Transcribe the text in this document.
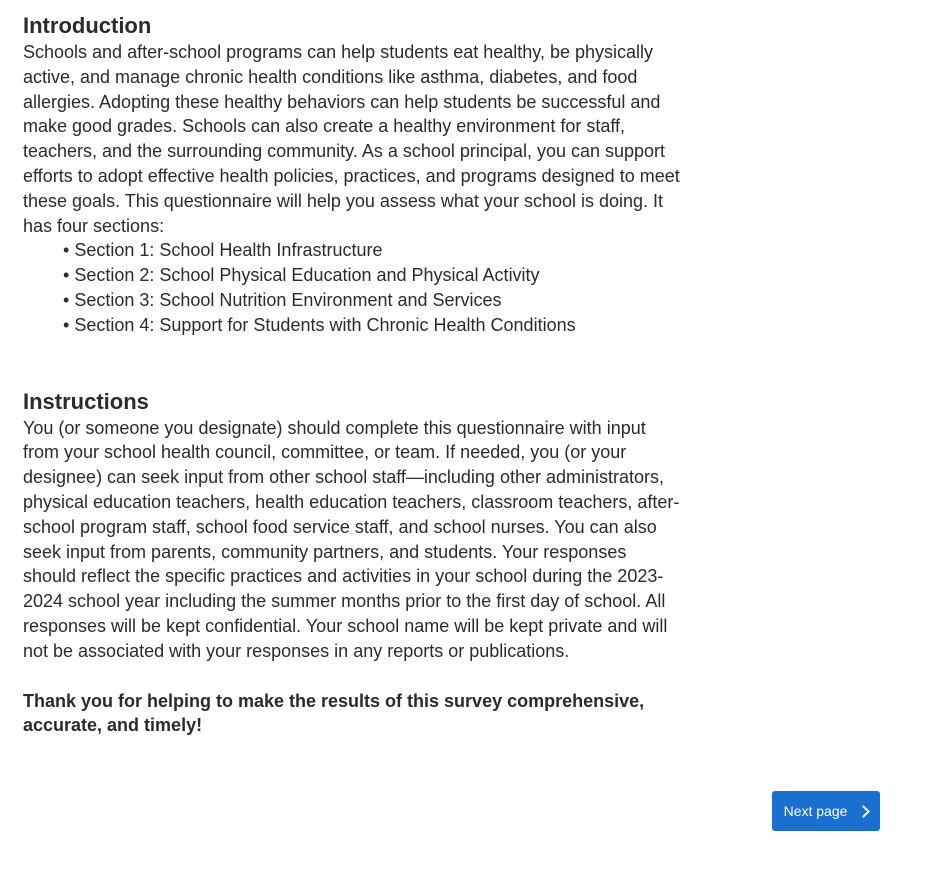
Introduction

Schools and after-school programs can help students eat healthy, be physically active, and manage chronic health conditions like asthma, diabetes, and food allergies. Adopting these healthy behaviors can help students be successful and make good grades. Schools can also create a healthy environment for staff, teachers, and the surrounding community. As a school principal, you can support efforts to adopt effective health policies, practices, and programs designed to meet these goals. This questionnaire will help you assess what your school is doing. It has four sections:

• Section 1: School Health Infrastructure
• Section 2: School Physical Education and Physical Activity
• Section 3: School Nutrition Environment and Services
• Section 4: Support for Students with Chronic Health Conditions
Instructions

You (or someone you designate) should complete this questionnaire with input from your school health council, committee, or team. If needed, you (or your designee) can seek input from other school staff—including other administrators, physical education teachers, health education teachers, classroom teachers, after-school program staff, school food service staff, and school nurses. You can also seek input from parents, community partners, and students. Your responses should reflect the specific practices and activities in your school during the 2023-2024 school year including the summer months prior to the first day of school. All responses will be kept confidential. Your school name will be kept private and will not be associated with your responses in any reports or publications.

Thank you for helping to make the results of this survey comprehensive, accurate, and timely!

Next page
